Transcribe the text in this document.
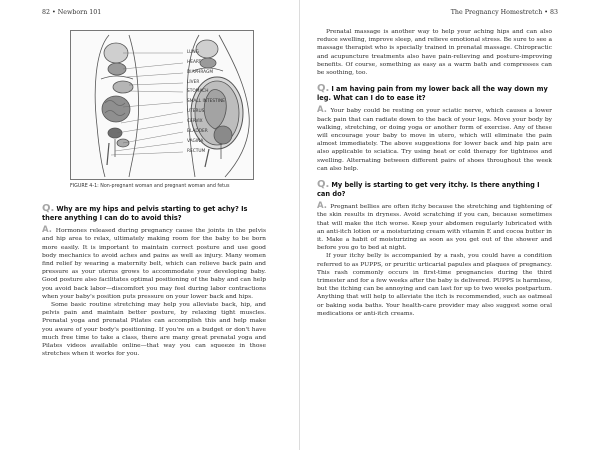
82 • Newborn 101
LUNG
HEART
DIAPHRAGM
LIVER
STOMACH
SMALL INTESTINE
UTERUS
CERVIX
BLADDER
VAGINA
RECTUM
FIGURE 4-1: Non-pregnant woman and pregnant woman and fetus

Q. Why are my hips and pelvis starting to get achy? Is there anything I can do to avoid this?

A. Hormones released during pregnancy cause the joints in the pelvis and hip area to relax, ultimately making room for the baby to be born more easily. It is important to maintain correct posture and use good body mechanics to avoid aches and pains as well as injury. Many women find relief by wearing a maternity belt, which can relieve back pain and pressure as your uterus grows to accommodate your developing baby. Good posture also facilitates optimal positioning of the baby and can help you avoid back labor—discomfort you may feel during labor contractions when your baby's position puts pressure on your lower back and hips.

Some basic routine stretching may help you alleviate back, hip, and pelvis pain and maintain better posture, by relaxing tight muscles. Prenatal yoga and prenatal Pilates can accomplish this and help make you aware of your body's positioning. If you're on a budget or don't have much free time to take a class, there are many great prenatal yoga and Pilates videos available online—that way you can squeeze in those stretches when it works for you.

The Pregnancy Homestretch • 83

Prenatal massage is another way to help your aching hips and can also reduce swelling, improve sleep, and relieve emotional stress. Be sure to see a massage therapist who is specially trained in prenatal massage. Chiropractic and acupuncture treatments also have pain-relieving and posture-improving benefits. Of course, something as easy as a warm bath and compresses can be soothing, too.

Q. I am having pain from my lower back all the way down my leg. What can I do to ease it?

A. Your baby could be resting on your sciatic nerve, which causes a lower back pain that can radiate down to the back of your legs. Move your body by walking, stretching, or doing yoga or another form of exercise. Any of these will encourage your baby to move in utero, which will eliminate the pain almost immediately. The above suggestions for lower back and hip pain are also applicable to sciatica. Try using heat or cold therapy for tightness and swelling. Alternating between different pairs of shoes throughout the week can also help.

Q. My belly is starting to get very itchy. Is there anything I can do?

A. Pregnant bellies are often itchy because the stretching and tightening of the skin results in dryness. Avoid scratching if you can, because sometimes that will make the itch worse. Keep your abdomen regularly lubricated with an anti-itch lotion or a moisturizing cream with vitamin E and cocoa butter in it. Make a habit of moisturizing as soon as you get out of the shower and before you go to bed at night.

If your itchy belly is accompanied by a rash, you could have a condition referred to as PUPPS, or pruritic urticarial papules and plaques of pregnancy. This rash commonly occurs in first-time pregnancies during the third trimester and for a few weeks after the baby is delivered. PUPPS is harmless, but the itching can be annoying and can last for up to two weeks postpartum. Anything that will help to alleviate the itch is recommended, such as oatmeal or baking soda baths. Your health-care provider may also suggest some oral medications or anti-itch creams.
